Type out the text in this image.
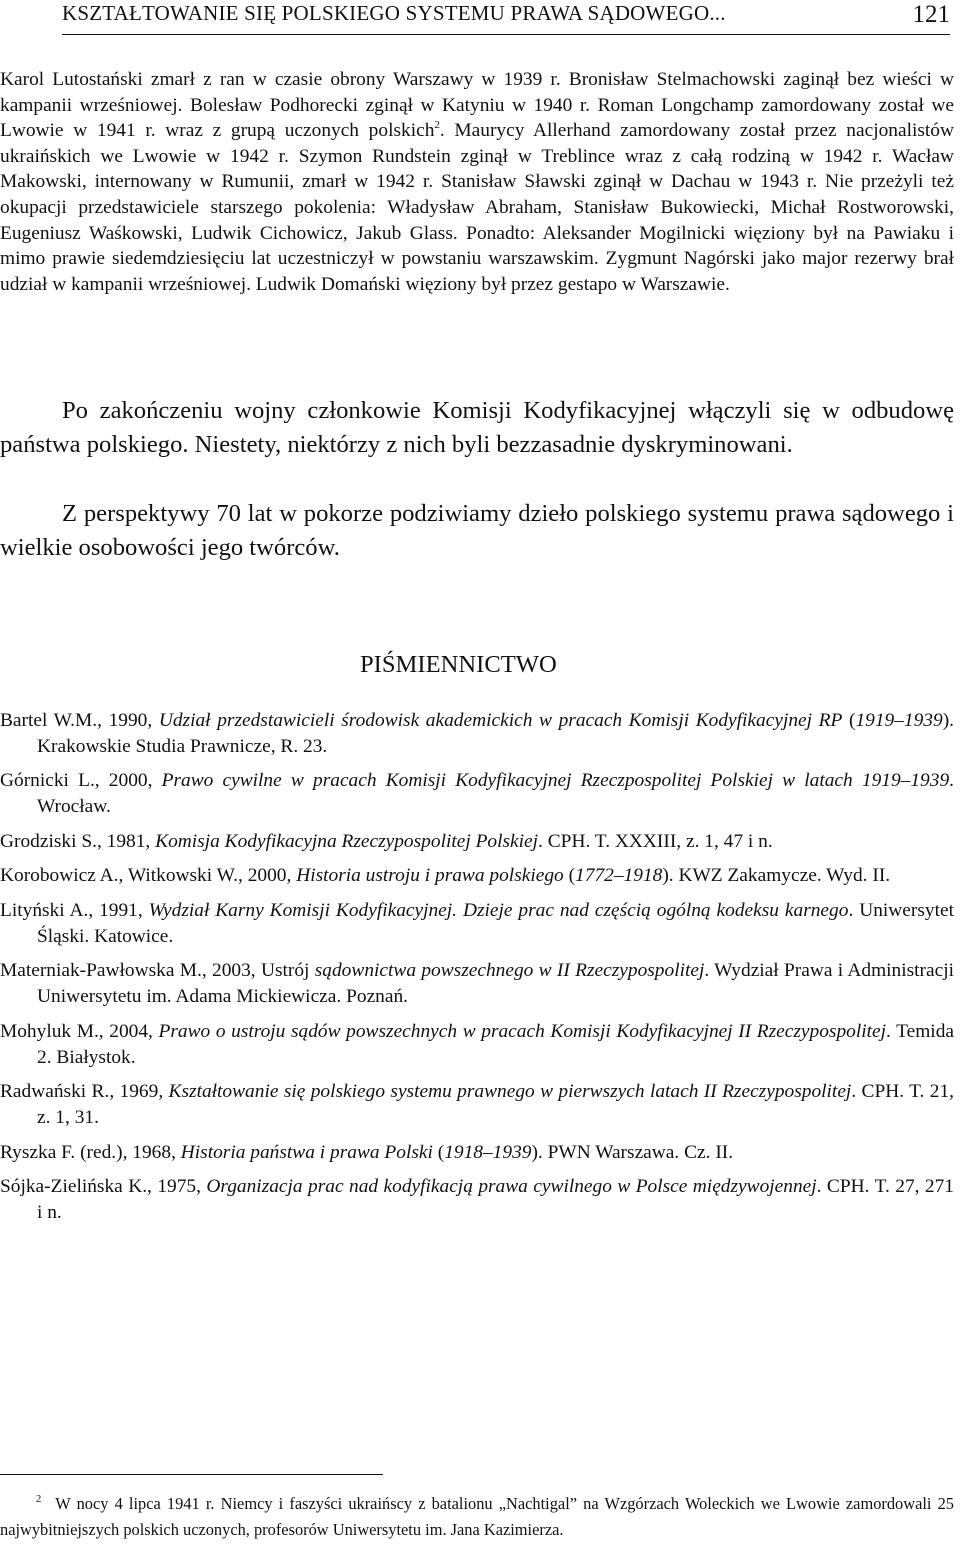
KSZTAŁTOWANIE SIĘ POLSKIEGO SYSTEMU PRAWA SĄDOWEGO...	121

Karol Lutostański zmarł z ran w czasie obrony Warszawy w 1939 r. Bronisław Stelmachowski zaginął bez wieści w kampanii wrześniowej. Bolesław Podhorecki zginął w Katyniu w 1940 r. Roman Longchamp zamordowany został we Lwowie w 1941 r. wraz z grupą uczonych polskich$^2$. Maurycy Allerhand zamordowany został przez nacjonalistów ukraińskich we Lwowie w 1942 r. Szymon Rundstein zginął w Treblince wraz z całą rodziną w 1942 r. Wacław Makowski, internowany w Rumunii, zmarł w 1942 r. Stanisław Sławski zginął w Dachau w 1943 r. Nie przeżyli też okupacji przedstawiciele starszego pokolenia: Władysław Abraham, Stanisław Bukowiecki, Michał Rostworowski, Eugeniusz Waśkowski, Ludwik Cichowicz, Jakub Glass. Ponadto: Aleksander Mogilnicki więziony był na Pawiaku i mimo prawie siedemdziesięciu lat uczestniczył w powstaniu warszawskim. Zygmunt Nagórski jako major rezerwy brał udział w kampanii wrześniowej. Ludwik Domański więziony był przez gestapo w Warszawie.

Po zakończeniu wojny członkowie Komisji Kodyfikacyjnej włączyli się w odbudowę państwa polskiego. Niestety, niektórzy z nich byli bezzasadnie dyskryminowani.

Z perspektywy 70 lat w pokorze podziwiamy dzieło polskiego systemu prawa sądowego i wielkie osobowości jego twórców.

PIŚMIENNICTWO
Bartel W.M., 1990, Udział przedstawicieli środowisk akademickich w pracach Komisji Kodyfikacyjnej RP (1919–1939). Krakowskie Studia Prawnicze, R. 23.
Górnicki L., 2000, Prawo cywilne w pracach Komisji Kodyfikacyjnej Rzeczpospolitej Polskiej w latach 1919–1939. Wrocław.
Grodziski S., 1981, Komisja Kodyfikacyjna Rzeczypospolitej Polskiej. CPH. T. XXXIII, z. 1, 47 i n.
Korobowicz A., Witkowski W., 2000, Historia ustroju i prawa polskiego (1772–1918). KWZ Zakamycze. Wyd. II.
Lityński A., 1991, Wydział Karny Komisji Kodyfikacyjnej. Dzieje prac nad częścią ogólną kodeksu karnego. Uniwersytet Śląski. Katowice.
Materniak-Pawłowska M., 2003, Ustrój sądownictwa powszechnego w II Rzeczypospolitej. Wydział Prawa i Administracji Uniwersytetu im. Adama Mickiewicza. Poznań.
Mohyluk M., 2004, Prawo o ustroju sądów powszechnych w pracach Komisji Kodyfikacyjnej II Rzeczypospolitej. Temida 2. Białystok.
Radwański R., 1969, Kształtowanie się polskiego systemu prawnego w pierwszych latach II Rzeczypospolitej. CPH. T. 21, z. 1, 31.
Ryszka F. (red.), 1968, Historia państwa i prawa Polski (1918–1939). PWN Warszawa. Cz. II.
Sójka-Zielińska K., 1975, Organizacja prac nad kodyfikacją prawa cywilnego w Polsce międzywojennej. CPH. T. 27, 271 i n.

$^2$ W nocy 4 lipca 1941 r. Niemcy i faszyści ukraińscy z batalionu „Nachtigal” na Wzgórzach Woleckich we Lwowie zamordowali 25 najwybitniejszych polskich uczonych, profesorów Uniwersytetu im. Jana Kazimierza.
